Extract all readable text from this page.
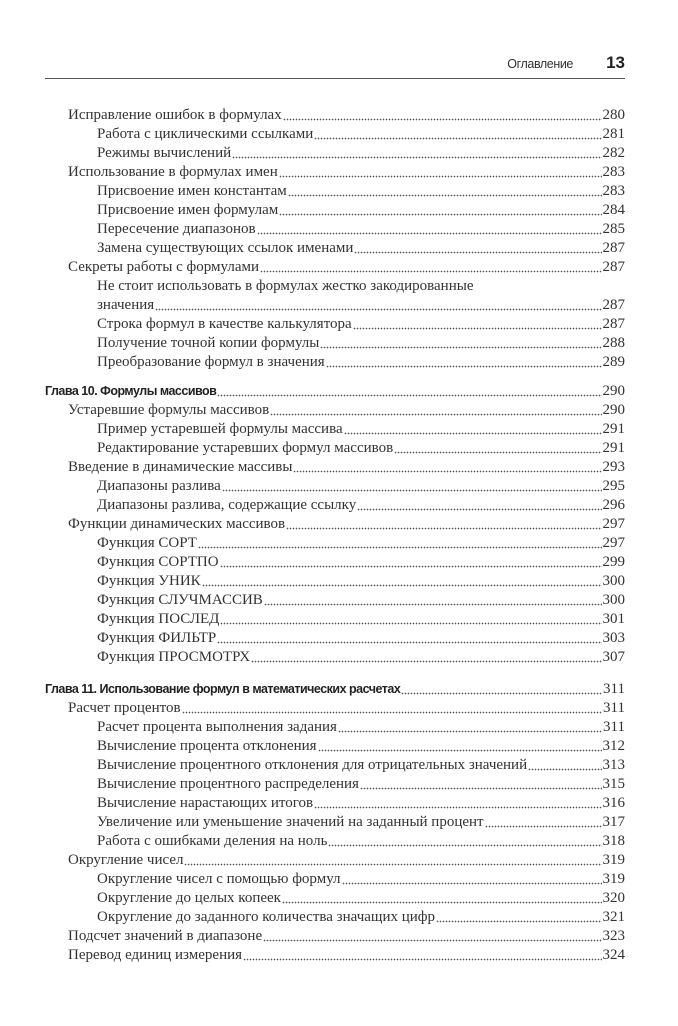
Оглавление 13
Исправление ошибок в формулах	280
Работа с циклическими ссылками	281
Режимы вычислений	282
Использование в формулах имен	283
Присвоение имен константам	283
Присвоение имен формулам	284
Пересечение диапазонов	285
Замена существующих ссылок именами	287
Секреты работы с формулами	287
Не стоит использовать в формулах жестко закодированные
значения	287
Строка формул в качестве калькулятора	287
Получение точной копии формулы	288
Преобразование формул в значения	289
Глава 10. Формулы массивов	290
Устаревшие формулы массивов	290
Пример устаревшей формулы массива	291
Редактирование устаревших формул массивов	291
Введение в динамические массивы	293
Диапазоны разлива	295
Диапазоны разлива, содержащие ссылку	296
Функции динамических массивов	297
Функция СОРТ	297
Функция СОРТПО	299
Функция УНИК	300
Функция СЛУЧМАССИВ	300
Функция ПОСЛЕД	301
Функция ФИЛЬТР	303
Функция ПРОСМОТРХ	307
Глава 11. Использование формул в математических расчетах	311
Расчет процентов	311
Расчет процента выполнения задания	311
Вычисление процента отклонения	312
Вычисление процентного отклонения для отрицательных значений	313
Вычисление процентного распределения	315
Вычисление нарастающих итогов	316
Увеличение или уменьшение значений на заданный процент	317
Работа с ошибками деления на ноль	318
Округление чисел	319
Округление чисел с помощью формул	319
Округление до целых копеек	320
Округление до заданного количества значащих цифр	321
Подсчет значений в диапазоне	323
Перевод единиц измерения	324
